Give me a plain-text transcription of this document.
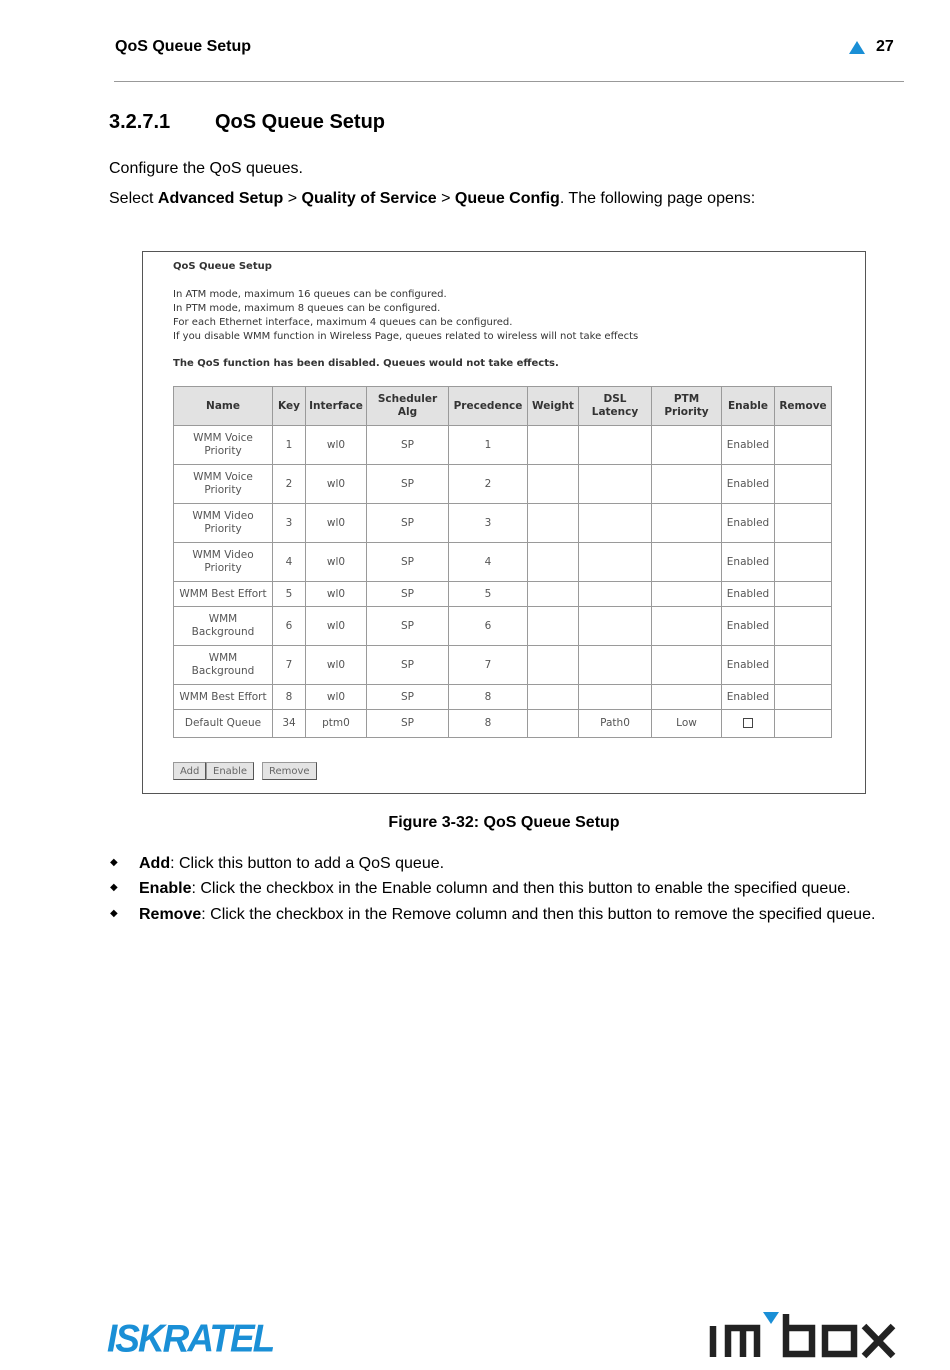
QoS Queue Setup	27
3.2.7.1 QoS Queue Setup
Configure the QoS queues.
Select Advanced Setup > Quality of Service > Queue Config. The following page opens:
QoS Queue Setup
In ATM mode, maximum 16 queues can be configured.
In PTM mode, maximum 8 queues can be configured.
For each Ethernet interface, maximum 4 queues can be configured.
If you disable WMM function in Wireless Page, queues related to wireless will not take effects
The QoS function has been disabled. Queues would not take effects.
Name	Key	Interface	Scheduler
Alg	Precedence	Weight	DSL
Latency	PTM
Priority	Enable	Remove
WMM Voice
Priority	1	wl0	SP	1				Enabled	
WMM Voice
Priority	2	wl0	SP	2				Enabled	
WMM Video
Priority	3	wl0	SP	3				Enabled	
WMM Video
Priority	4	wl0	SP	4				Enabled	
WMM Best Effort	5	wl0	SP	5				Enabled	
WMM
Background	6	wl0	SP	6				Enabled	
WMM
Background	7	wl0	SP	7				Enabled	
WMM Best Effort	8	wl0	SP	8				Enabled	
Default Queue	34	ptm0	SP	8		Path0	Low		
Add	Enable	Remove
Figure 3-32: QoS Queue Setup
◆ Add: Click this button to add a QoS queue.
◆ Enable: Click the checkbox in the Enable column and then this button to enable the specified queue.
◆ Remove: Click the checkbox in the Remove column and then this button to remove the specified queue.
ISKRATEL
